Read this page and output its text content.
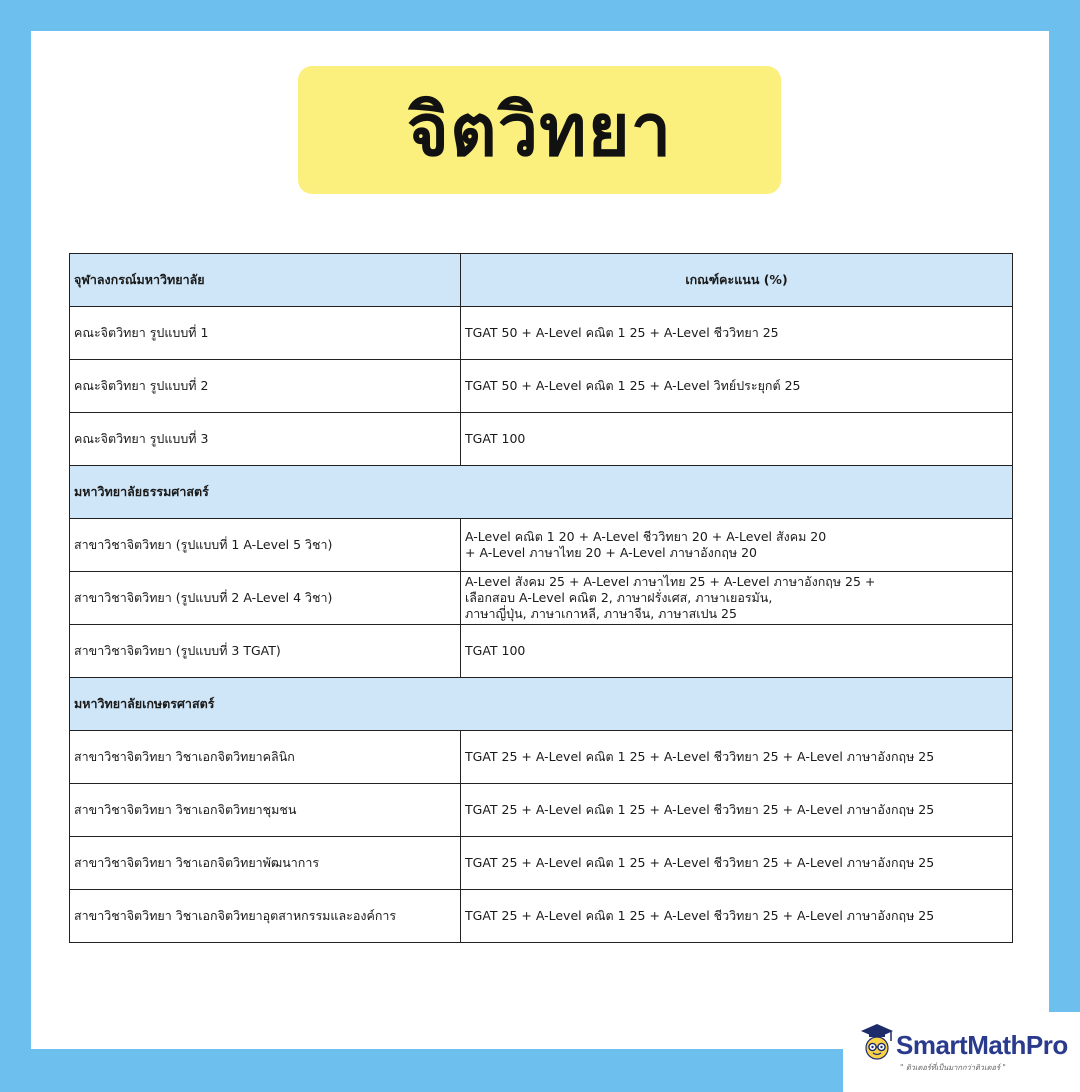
จิตวิทยา
จุฬาลงกรณ์มหาวิทยาลัย	เกณฑ์คะแนน (%)
คณะจิตวิทยา รูปแบบที่ 1	TGAT 50 + A-Level คณิต 1 25 + A-Level ชีววิทยา 25

คณะจิตวิทยา รูปแบบที่ 2	TGAT 50 + A-Level คณิต 1 25 + A-Level วิทย์ประยุกต์ 25

คณะจิตวิทยา รูปแบบที่ 3	TGAT 100

มหาวิทยาลัยธรรมศาสตร์	
สาขาวิชาจิตวิทยา (รูปแบบที่ 1 A-Level 5 วิชา)	A-Level คณิต 1 20 + A-Level ชีววิทยา 20 + A-Level สังคม 20
+ A-Level ภาษาไทย 20 + A-Level ภาษาอังกฤษ 20

สาขาวิชาจิตวิทยา (รูปแบบที่ 2 A-Level 4 วิชา)	A-Level สังคม 25 + A-Level ภาษาไทย 25 + A-Level ภาษาอังกฤษ 25 +
เลือกสอบ A-Level คณิต 2, ภาษาฝรั่งเศส, ภาษาเยอรมัน,
ภาษาญี่ปุ่น, ภาษาเกาหลี, ภาษาจีน, ภาษาสเปน 25

สาขาวิชาจิตวิทยา (รูปแบบที่ 3 TGAT)	TGAT 100

มหาวิทยาลัยเกษตรศาสตร์	
สาขาวิชาจิตวิทยา วิชาเอกจิตวิทยาคลินิก	TGAT 25 + A-Level คณิต 1 25 + A-Level ชีววิทยา 25 + A-Level ภาษาอังกฤษ 25

สาขาวิชาจิตวิทยา วิชาเอกจิตวิทยาชุมชน	TGAT 25 + A-Level คณิต 1 25 + A-Level ชีววิทยา 25 + A-Level ภาษาอังกฤษ 25

สาขาวิชาจิตวิทยา วิชาเอกจิตวิทยาพัฒนาการ	TGAT 25 + A-Level คณิต 1 25 + A-Level ชีววิทยา 25 + A-Level ภาษาอังกฤษ 25

สาขาวิชาจิตวิทยา วิชาเอกจิตวิทยาอุตสาหกรรมและองค์การ	TGAT 25 + A-Level คณิต 1 25 + A-Level ชีววิทยา 25 + A-Level ภาษาอังกฤษ 25
SmartMathPro
" ติวเตอร์ที่เป็นมากกว่าติวเตอร์ "
